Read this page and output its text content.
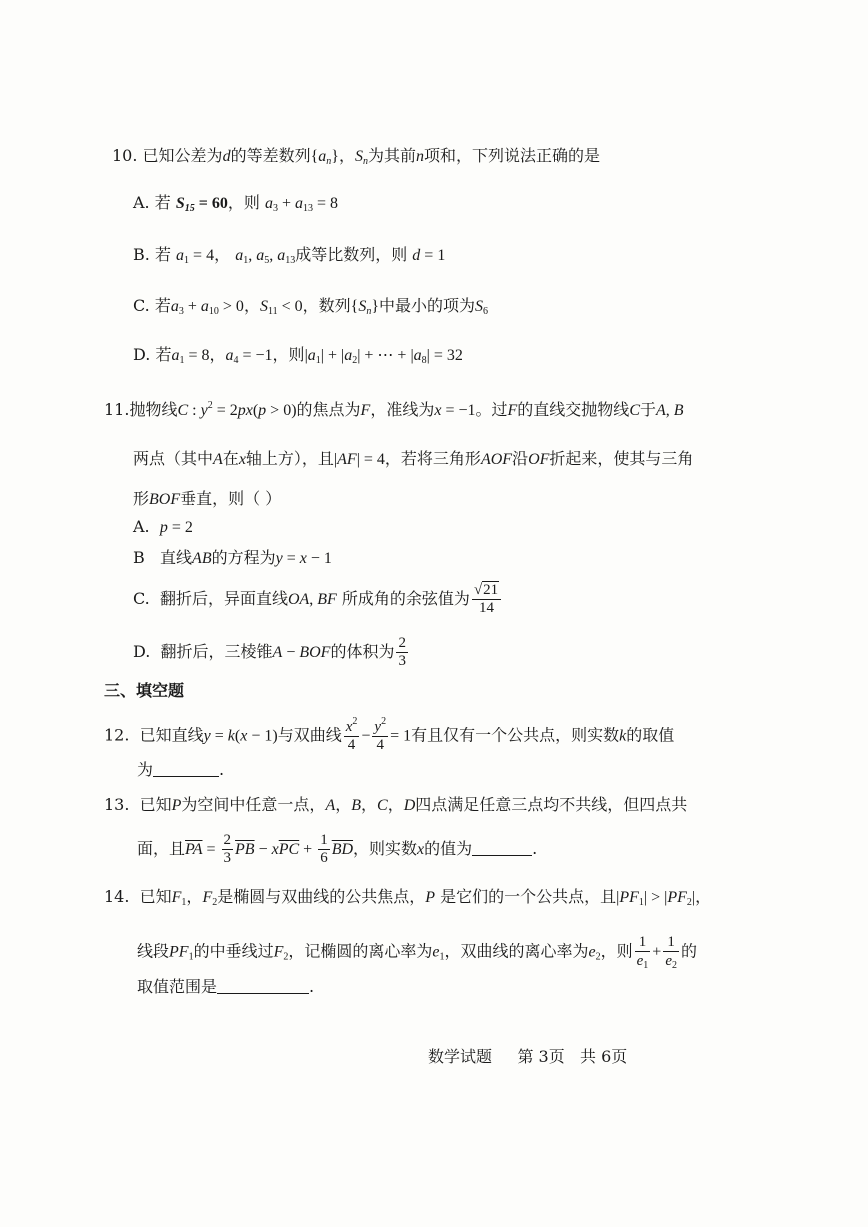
10. 已知公差为d的等差数列$\{a_n\}$，$S_n$为其前n项和，下列说法正确的是
A. 若 $S_{15} = 60$，则 $a_3 + a_{13} = 8$
B. 若 $a_1 = 4$， $a_1$, $a_5$, $a_{13}$成等比数列，则 d = 1
C. 若$a_3 + a_{10} > 0$，$S_{11} < 0$，数列$\{S_n\}$中最小的项为$S_6$
D. 若$a_1 = 8$，$a_4 = -1$，则$|a_1| + |a_2|$ + ⋯ + $|a_8| = 32$
11.抛物线C : $y^2 = 2px(p > 0)$的焦点为F，准线为x = −1。过F的直线交抛物线C于A, B
两点（其中A在x轴上方），且|AF| = 4，若将三角形AOF沿OF折起来，使其与三角
形BOF垂直，则（ ）
A. p = 2
B 直线AB的方程为y = x − 1
C. 翻折后，异面直线OA, BF 所成角的余弦值为 $\frac{√21}{14}$
D. 翻折后，三棱锥A − BOF的体积为 $\frac{2}{3}$
三、填空题
12. 已知直线y = k(x − 1)与双曲线 $\frac{x^2}{4} - \frac{y^2}{4} = 1$有且仅有一个公共点，则实数k的取值
为	.
13. 已知P为空间中任意一点，A，B，C，D四点满足任意三点均不共线，但四点共
面，且$\overline{PA} = \frac{2}{3} \overline{PB} - x\overline{PC} + \frac{1}{6} \overline{BD}$，则实数x的值为	.
14. 已知$F_1$，$F_2$是椭圆与双曲线的公共焦点，P 是它们的一个公共点，且$|PF_1| > |PF_2|$，
线段$PF_1$的中垂线过$F_2$，记椭圆的离心率为$e_1$，双曲线的离心率为$e_2$，则 $\frac{1}{e_1} + \frac{1}{e_2}$ 的
取值范围是	.
数学试题 第 3页 共 6页
